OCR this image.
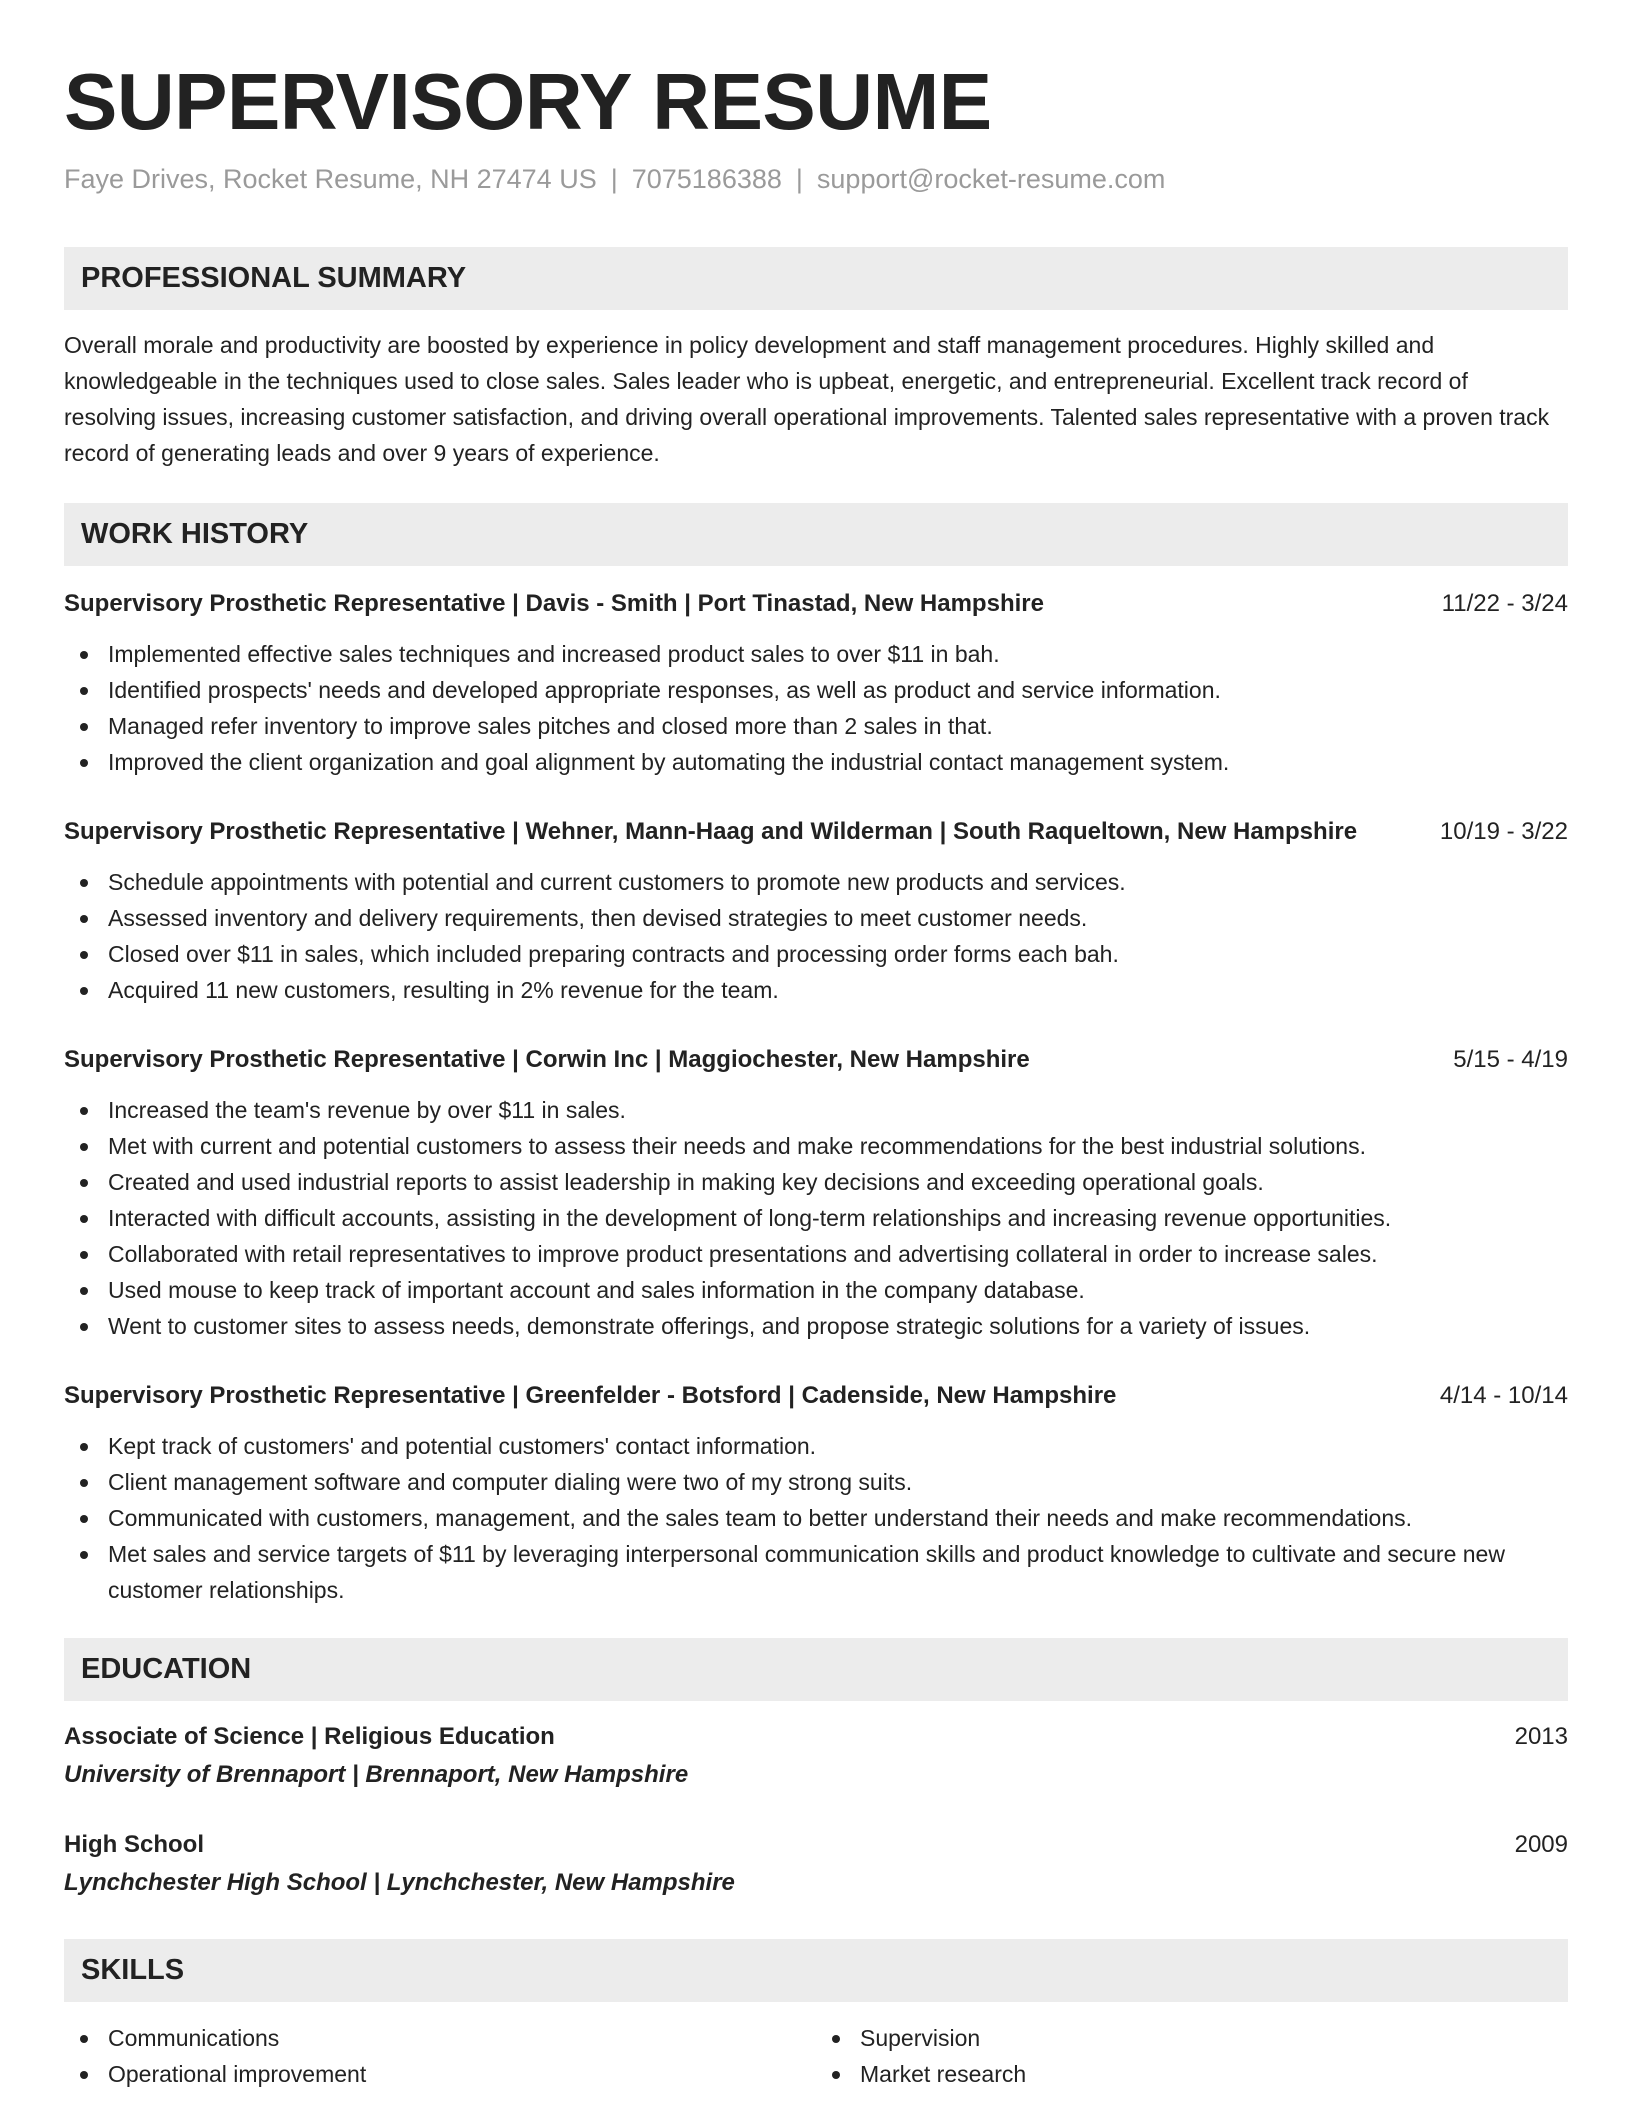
SUPERVISORY RESUME
Faye Drives, Rocket Resume, NH 27474 US | 7075186388 | support@rocket-resume.com
PROFESSIONAL SUMMARY

Overall morale and productivity are boosted by experience in policy development and staff management procedures. Highly skilled and knowledgeable in the techniques used to close sales. Sales leader who is upbeat, energetic, and entrepreneurial. Excellent track record of resolving issues, increasing customer satisfaction, and driving overall operational improvements. Talented sales representative with a proven track record of generating leads and over 9 years of experience.

WORK HISTORY
Supervisory Prosthetic Representative | Davis - Smith | Port Tinastad, New Hampshire	11/22 - 3/24
Implemented effective sales techniques and increased product sales to over $11 in bah.
Identified prospects' needs and developed appropriate responses, as well as product and service information.
Managed refer inventory to improve sales pitches and closed more than 2 sales in that.
Improved the client organization and goal alignment by automating the industrial contact management system.
Supervisory Prosthetic Representative | Wehner, Mann-Haag and Wilderman | South Raqueltown, New Hampshire	10/19 - 3/22
Schedule appointments with potential and current customers to promote new products and services.
Assessed inventory and delivery requirements, then devised strategies to meet customer needs.
Closed over $11 in sales, which included preparing contracts and processing order forms each bah.
Acquired 11 new customers, resulting in 2% revenue for the team.
Supervisory Prosthetic Representative | Corwin Inc | Maggiochester, New Hampshire	5/15 - 4/19
Increased the team's revenue by over $11 in sales.
Met with current and potential customers to assess their needs and make recommendations for the best industrial solutions.
Created and used industrial reports to assist leadership in making key decisions and exceeding operational goals.
Interacted with difficult accounts, assisting in the development of long-term relationships and increasing revenue opportunities.
Collaborated with retail representatives to improve product presentations and advertising collateral in order to increase sales.
Used mouse to keep track of important account and sales information in the company database.
Went to customer sites to assess needs, demonstrate offerings, and propose strategic solutions for a variety of issues.
Supervisory Prosthetic Representative | Greenfelder - Botsford | Cadenside, New Hampshire	4/14 - 10/14
Kept track of customers' and potential customers' contact information.
Client management software and computer dialing were two of my strong suits.
Communicated with customers, management, and the sales team to better understand their needs and make recommendations.
Met sales and service targets of $11 by leveraging interpersonal communication skills and product knowledge to cultivate and secure new customer relationships.
EDUCATION
Associate of Science | Religious Education	2013
University of Brennaport | Brennaport, New Hampshire
High School	2009
Lynchchester High School | Lynchchester, New Hampshire
SKILLS
Communications
Operational improvement
Supervision
Market research
